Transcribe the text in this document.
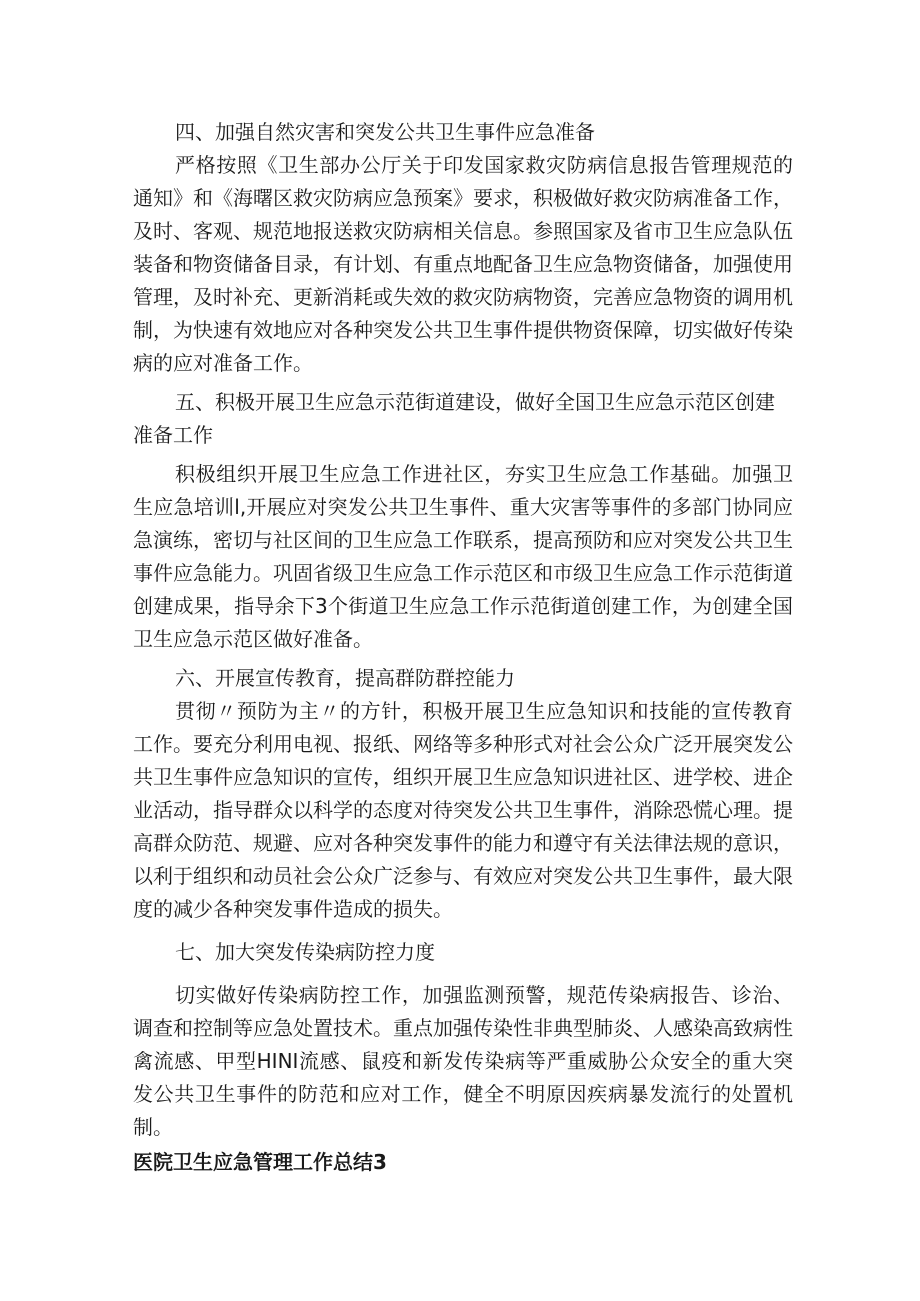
四、加强自然灾害和突发公共卫生事件应急准备

严格按照《卫生部办公厅关于印发国家救灾防病信息报告管理规范的通知》和《海曙区救灾防病应急预案》要求，积极做好救灾防病准备工作，及时、客观、规范地报送救灾防病相关信息。参照国家及省市卫生应急队伍装备和物资储备目录，有计划、有重点地配备卫生应急物资储备，加强使用管理，及时补充、更新消耗或失效的救灾防病物资，完善应急物资的调用机制，为快速有效地应对各种突发公共卫生事件提供物资保障，切实做好传染病的应对准备工作。

五、积极开展卫生应急示范街道建设，做好全国卫生应急示范区创建准备工作

积极组织开展卫生应急工作进社区，夯实卫生应急工作基础。加强卫生应急培训l,开展应对突发公共卫生事件、重大灾害等事件的多部门协同应急演练，密切与社区间的卫生应急工作联系，提高预防和应对突发公共卫生事件应急能力。巩固省级卫生应急工作示范区和市级卫生应急工作示范街道创建成果，指导余下3个街道卫生应急工作示范街道创建工作，为创建全国卫生应急示范区做好准备。

六、开展宣传教育，提高群防群控能力

贯彻〃预防为主〃的方针，积极开展卫生应急知识和技能的宣传教育工作。要充分利用电视、报纸、网络等多种形式对社会公众广泛开展突发公共卫生事件应急知识的宣传，组织开展卫生应急知识进社区、进学校、进企业活动，指导群众以科学的态度对待突发公共卫生事件，消除恐慌心理。提高群众防范、规避、应对各种突发事件的能力和遵守有关法律法规的意识，以利于组织和动员社会公众广泛参与、有效应对突发公共卫生事件，最大限度的减少各种突发事件造成的损失。

七、加大突发传染病防控力度

切实做好传染病防控工作，加强监测预警，规范传染病报告、诊治、调查和控制等应急处置技术。重点加强传染性非典型肺炎、人感染高致病性禽流感、甲型HINI流感、鼠疫和新发传染病等严重威胁公众安全的重大突发公共卫生事件的防范和应对工作，健全不明原因疾病暴发流行的处置机制。

医院卫生应急管理工作总结3
